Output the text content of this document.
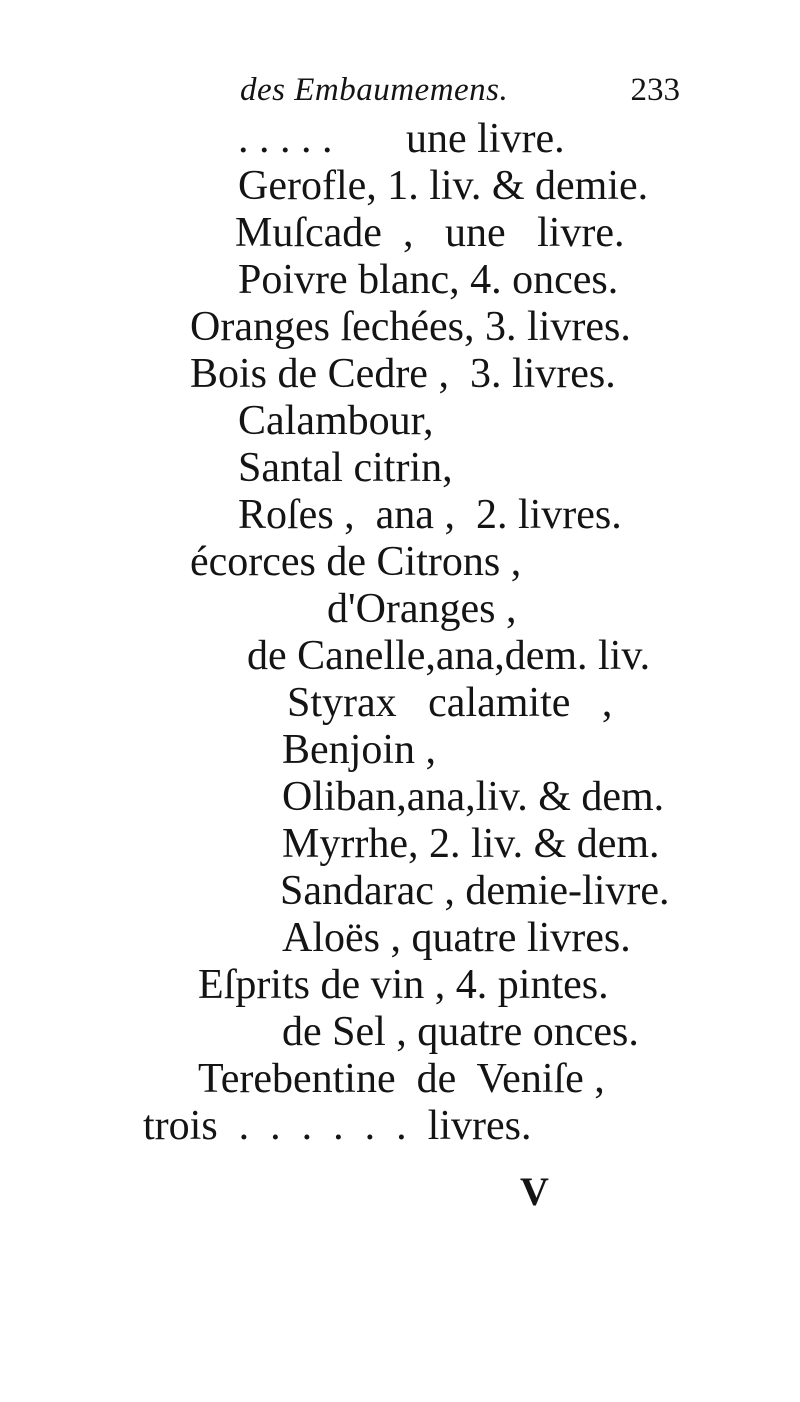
des Embaumemens.	233
. . . . .       une livre.
Gerofle, 1. liv. & demie.
Muſcade  ,   une   livre.
Poivre blanc, 4. onces.
Oranges ſechées, 3. livres.
Bois de Cedre ,  3. livres.
Calambour,
Santal citrin,
Roſes ,  ana ,  2. livres.
écorces de Citrons ,
d'Oranges ,
de Canelle,ana,dem. liv.
Styrax   calamite   ,
Benjoin ,
Oliban,ana,liv. & dem.
Myrrhe, 2. liv. & dem.
Sandarac , demie-livre.
Aloës , quatre livres.
Eſprits de vin , 4. pintes.
de Sel , quatre onces.
Terebentine  de  Veniſe ,
trois  .  .  .  .  .  .  livres.
V
